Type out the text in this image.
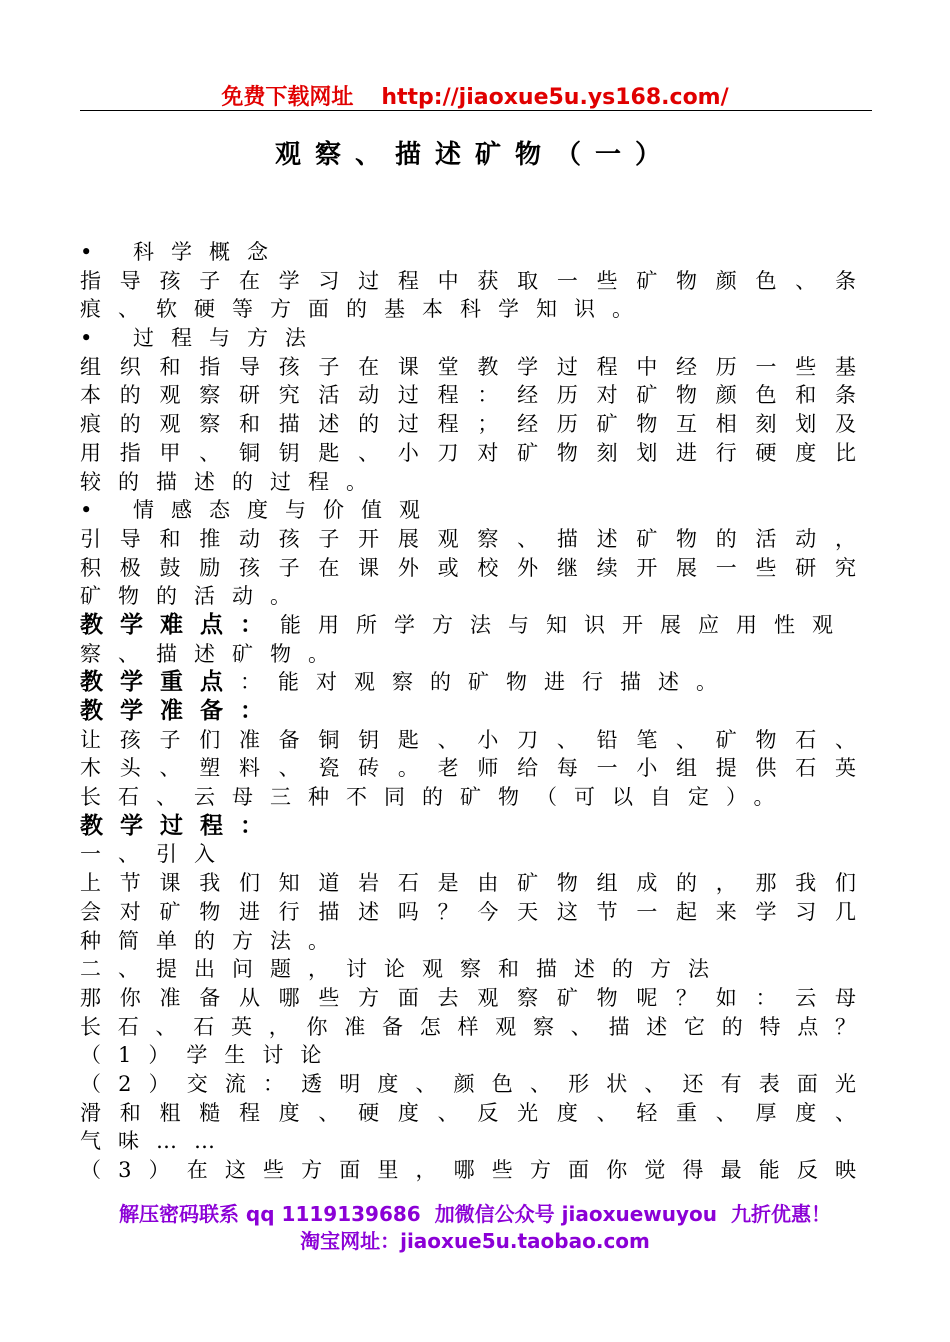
免费下载网址 http://jiaoxue5u.ys168.com/
观察、描述矿物（一）
• 科学概念
指导孩子在学习过程中获取一些矿物颜色、条
痕、软硬等方面的基本科学知识。
• 过程与方法
组织和指导孩子在课堂教学过程中经历一些基
本的观察研究活动过程：经历对矿物颜色和条
痕的观察和描述的过程；经历矿物互相刻划及
用指甲、铜钥匙、小刀对矿物刻划进行硬度比
较的描述的过程。
• 情感态度与价值观
引导和推动孩子开展观察、描述矿物的活动，
积极鼓励孩子在课外或校外继续开展一些研究
矿物的活动。
教学难点：能用所学方法与知识开展应用性观
察、描述矿物。
教学重点：能对观察的矿物进行描述。
教学准备：
让孩子们准备铜钥匙、小刀、铅笔、矿物石、
木头、塑料、瓷砖。老师给每一小组提供石英
长石、云母三种不同的矿物（可以自定）。
教学过程：
一、引入
上节课我们知道岩石是由矿物组成的，那我们
会对矿物进行描述吗？今天这节一起来学习几
种简单的方法。
二、提出问题，讨论观察和描述的方法
那你准备从哪些方面去观察矿物呢？如：云母
长石、石英，你准备怎样观察、描述它的特点？
（1）学生讨论
（2）交流：透明度、颜色、形状、还有表面光
滑和粗糙程度、硬度、反光度、轻重、厚度、
气味……
（3）在这些方面里，哪些方面你觉得最能反映
解压密码联系 qq 1119139686 加微信公众号 jiaoxuewuyou 九折优惠！
淘宝网址：jiaoxue5u.taobao.com
